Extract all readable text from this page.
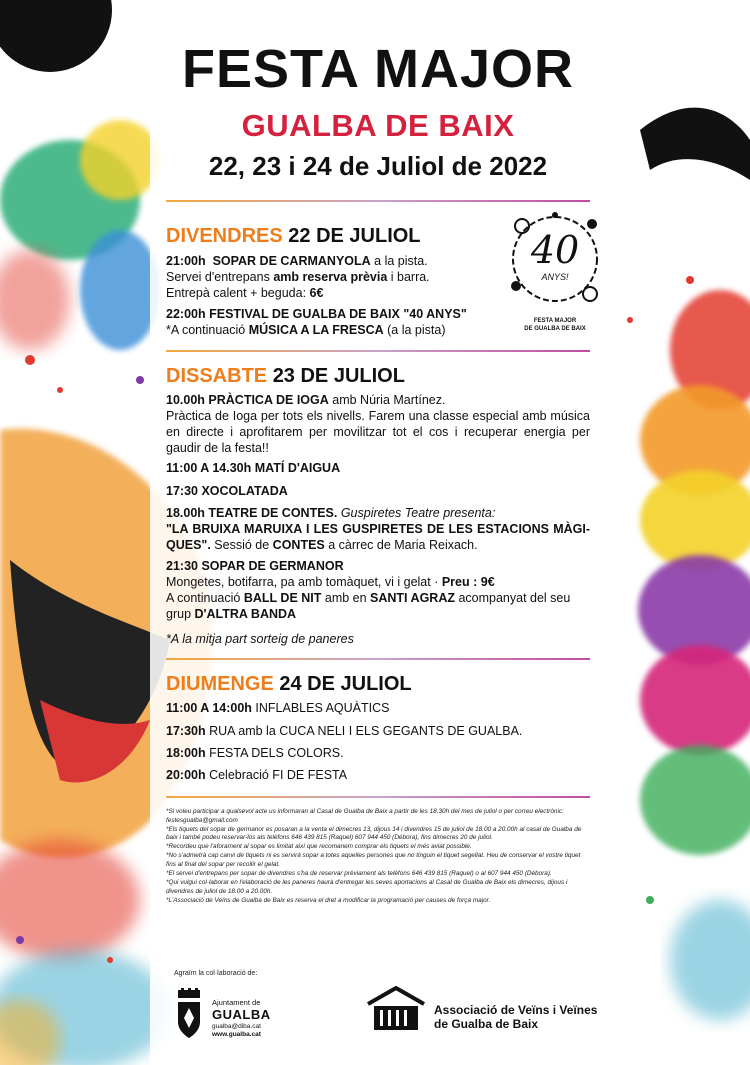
FESTA MAJOR
GUALBA DE BAIX
22, 23 i 24 de Juliol de 2022
40
ANYS!
FESTA MAJOR
DE GUALBA DE BAIX
DIVENDRES 22 DE JULIOL
21:00h SOPAR DE CARMANYOLA a la pista.
Servei d'entrepans amb reserva prèvia i barra.
Entrepà calent + beguda: 6€
22:00h FESTIVAL DE GUALBA DE BAIX "40 ANYS"
*A continuació MÚSICA A LA FRESCA (a la pista)
DISSABTE 23 DE JULIOL
10.00h PRÀCTICA DE IOGA amb Núria Martínez.
Pràctica de Ioga per tots els nivells. Farem una classe especial amb música en directe i aprofitarem per movilitzar tot el cos i recuperar energia per gaudir de la festa!!
11:00 A 14.30h MATÍ D'AIGUA
17:30 XOCOLATADA
18.00h TEATRE DE CONTES. Guspiretes Teatre presenta:
"LA BRUIXA MARUIXA I LES GUSPIRETES DE LES ESTACIONS MÀGI-QUES". Sessió de CONTES a càrrec de Maria Reixach.
21:30 SOPAR DE GERMANOR
Mongetes, botifarra, pa amb tomàquet, vi i gelat · Preu : 9€
A continuació BALL DE NIT amb en SANTI AGRAZ acompanyat del seu grup D'ALTRA BANDA
*A la mitja part sorteig de paneres
DIUMENGE 24 DE JULIOL
11:00 A 14:00h INFLABLES AQUÀTICS
17:30h RUA amb la CUCA NELI I ELS GEGANTS DE GUALBA.
18:00h FESTA DELS COLORS.
20:00h Celebració FI DE FESTA
*Si voleu participar a qualsevol acte us informaran al Casal de Gualba de Baix a partir de les 18.30h del mes de juliol o per correu electrònic: festesgualba@gmail.com
*Els tiquets del sopar de germanor es posaran a la venta el dimecres 13, dijous 14 i divendres 15 de juliol de 18.00 a 20.00h al casal de Gualba de baix i també podeu reservar-los als telèfons 646 439 815 (Raquel) 607 944 450 (Débora), fins dimecres 20 de juliol.
*Recordeu que l'aforament al sopar es limitat així que recomanem comprar els tiquets el més aviat possible.
*No s'admetrà cap canvi de tiquets ni es servirà sopar a totes aquelles persones que no tinguin el tiquet segellat. Heu de conservar el vostre tiquet fins al final del sopar per recollir el gelat.
*El servei d'entrepans per sopar de divendres s'ha de reservar prèviament als telèfons 646 439 815 (Raquel) o al 607 944 450 (Débora).
*Qui vulgui col·laborar en l'elaboració de les paneres haurà d'entregar les seves aportacions al Casal de Gualba de Baix els dimecres, dijous i divendres de juliol de 18.00 a 20.00h.
*L'Associació de Veïns de Gualba de Baix es reserva el dret a modificar la programació per causes de força major.
Agraïm la col·laboració de:
Ajuntament de
GUALBA
gualba@diba.cat
www.gualba.cat
Associació de Veïns i Veïnes de Gualba de Baix
